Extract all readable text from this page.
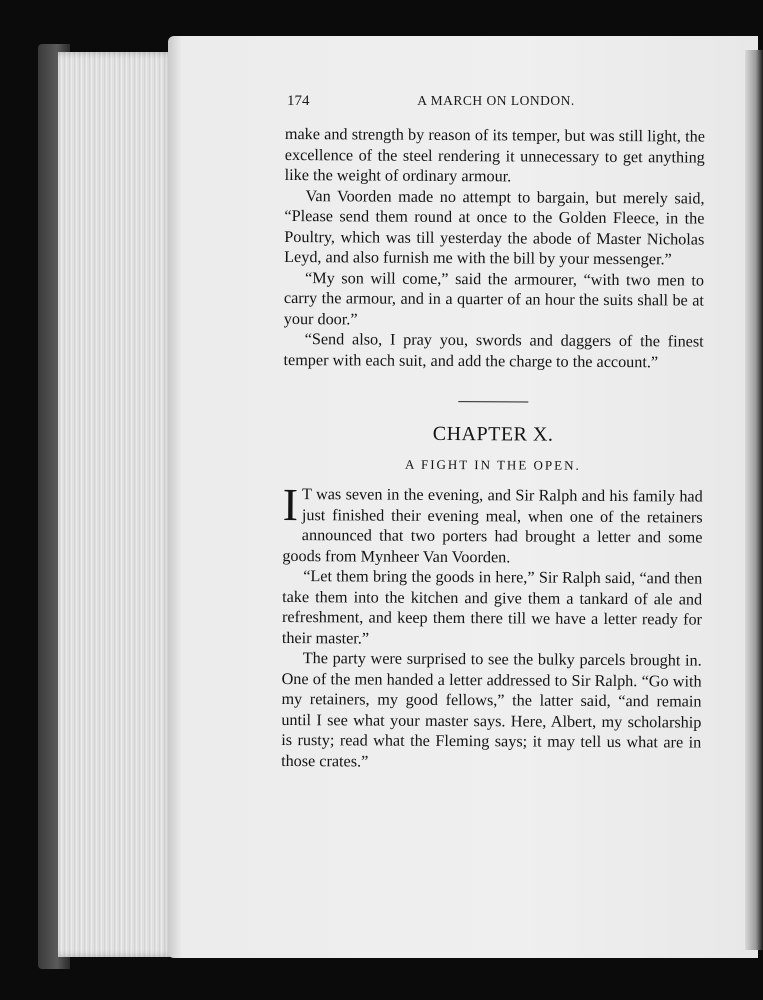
174	A MARCH ON LONDON.

make and strength by reason of its temper, but was still light, the excellence of the steel rendering it unnecessary to get anything like the weight of ordinary armour.

Van Voorden made no attempt to bargain, but merely said, “Please send them round at once to the Golden Fleece, in the Poultry, which was till yesterday the abode of Master Nicholas Leyd, and also furnish me with the bill by your messenger.”

“My son will come,” said the armourer, “with two men to carry the armour, and in a quarter of an hour the suits shall be at your door.”

“Send also, I pray you, swords and daggers of the finest temper with each suit, and add the charge to the account.”

CHAPTER X.
A FIGHT IN THE OPEN.

I T was seven in the evening, and Sir Ralph and his family had just finished their evening meal, when one of the retainers announced that two porters had brought a letter and some goods from Mynheer Van Voorden.

“Let them bring the goods in here,” Sir Ralph said, “and then take them into the kitchen and give them a tankard of ale and refreshment, and keep them there till we have a letter ready for their master.”

The party were surprised to see the bulky parcels brought in. One of the men handed a letter addressed to Sir Ralph. “Go with my retainers, my good fellows,” the latter said, “and remain until I see what your master says. Here, Albert, my scholarship is rusty; read what the Fleming says; it may tell us what are in those crates.”
